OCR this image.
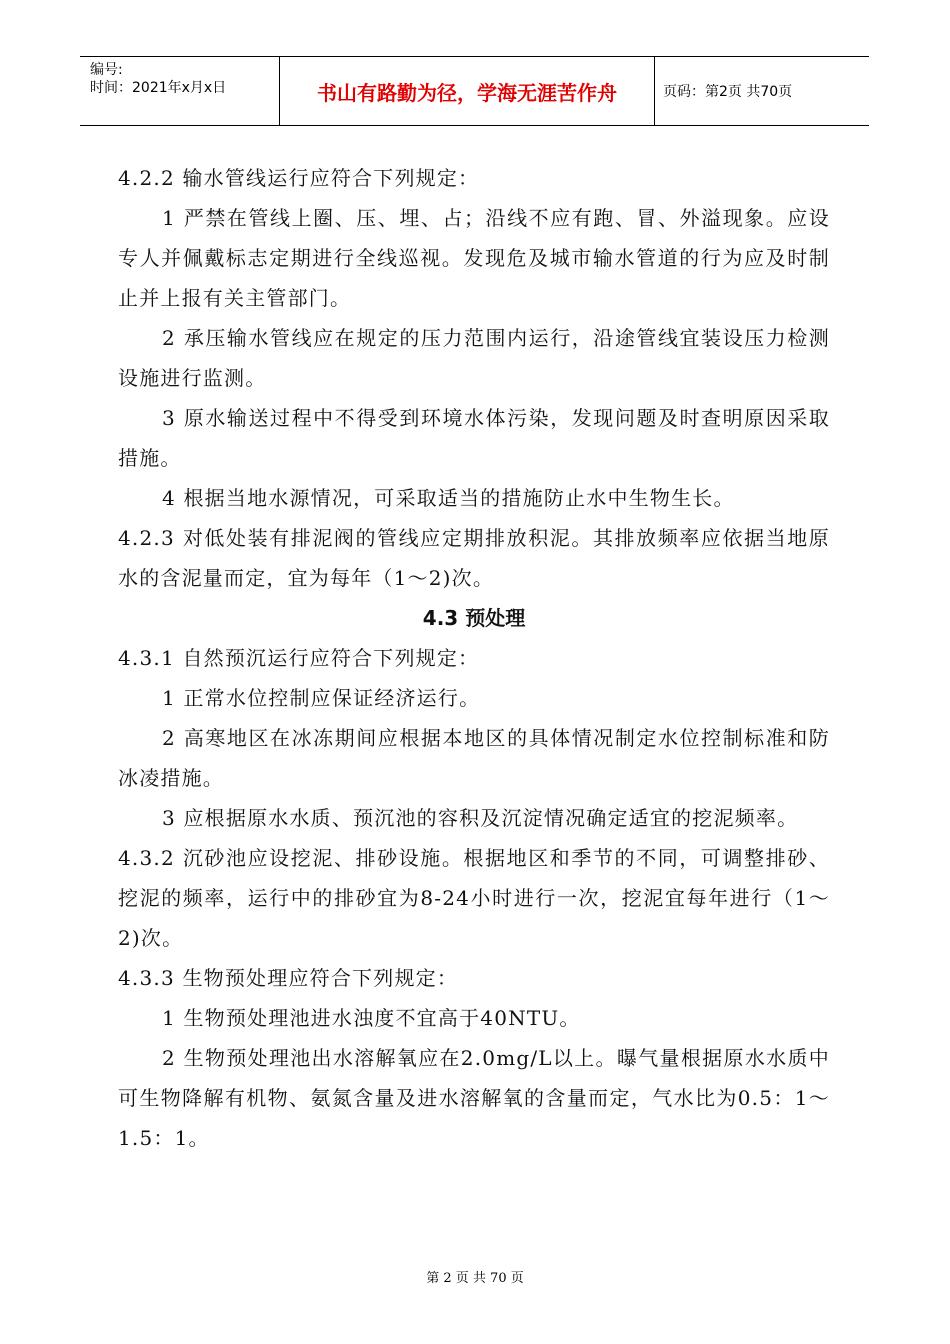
编号:
时间：2021年x月x日	书山有路勤为径，学海无涯苦作舟	页码：第2页 共70页

4.2.2 输水管线运行应符合下列规定：

1 严禁在管线上圈、压、埋、占；沿线不应有跑、冒、外溢现象。应设专人并佩戴标志定期进行全线巡视。发现危及城市输水管道的行为应及时制止并上报有关主管部门。

2 承压输水管线应在规定的压力范围内运行，沿途管线宜装设压力检测设施进行监测。

3 原水输送过程中不得受到环境水体污染，发现问题及时查明原因采取措施。

4 根据当地水源情况，可采取适当的措施防止水中生物生长。

4.2.3 对低处装有排泥阀的管线应定期排放积泥。其排放频率应依据当地原水的含泥量而定，宜为每年（1～2)次。

4.3 预处理

4.3.1 自然预沉运行应符合下列规定：

1 正常水位控制应保证经济运行。

2 高寒地区在冰冻期间应根据本地区的具体情况制定水位控制标准和防冰凌措施。

3 应根据原水水质、预沉池的容积及沉淀情况确定适宜的挖泥频率。

4.3.2 沉砂池应设挖泥、排砂设施。根据地区和季节的不同，可调整排砂、挖泥的频率，运行中的排砂宜为8-24小时进行一次，挖泥宜每年进行（1～2)次。

4.3.3 生物预处理应符合下列规定：

1 生物预处理池进水浊度不宜高于40NTU。

2 生物预处理池出水溶解氧应在2.0mg/L以上。曝气量根据原水水质中可生物降解有机物、氨氮含量及进水溶解氧的含量而定，气水比为0.5：1～1.5：1。

第 2 页 共 70 页
